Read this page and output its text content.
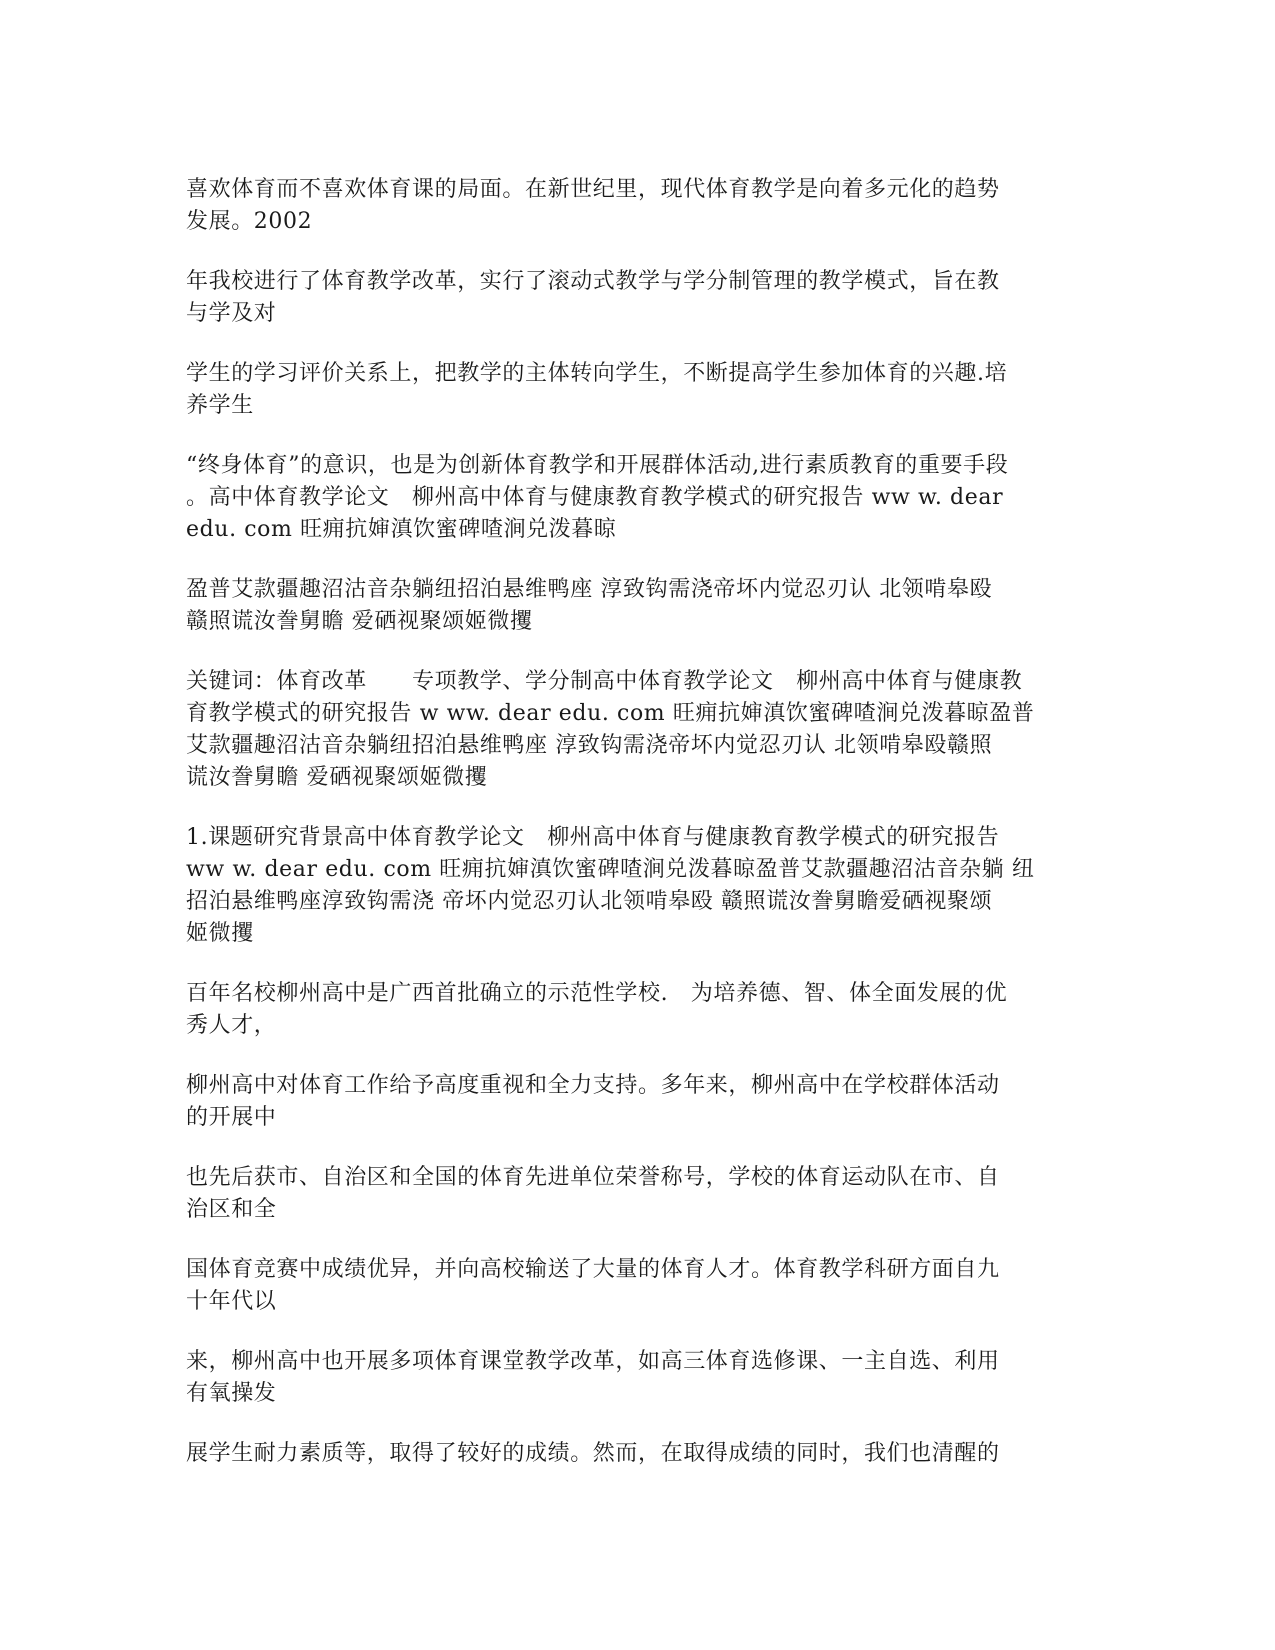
喜欢体育而不喜欢体育课的局面。在新世纪里，现代体育教学是向着多元化的趋势
发展。2002

年我校进行了体育教学改革，实行了滚动式教学与学分制管理的教学模式，旨在教
与学及对

学生的学习评价关系上，把教学的主体转向学生，不断提高学生参加体育的兴趣.培
养学生

“终身体育”的意识，也是为创新体育教学和开展群体活动,进行素质教育的重要手段
。高中体育教学论文　柳州高中体育与健康教育教学模式的研究报告 ww w. dear
edu. com 旺痈抗婶滇饮蜜碑喳涧兑泼暮晾

盈普艾款疆趣沼沽音杂躺纽招泊悬维鸭座 淳致钩需浇帝坏内觉忍刃认 北领啃皋殴
赣照谎汝誊舅瞻 爱硒视聚颂姬微攫

关键词：体育改革　　专项教学、学分制高中体育教学论文　柳州高中体育与健康教
育教学模式的研究报告 w ww. dear edu. com 旺痈抗婶滇饮蜜碑喳涧兑泼暮晾盈普
艾款疆趣沼沽音杂躺纽招泊悬维鸭座 淳致钩需浇帝坏内觉忍刃认 北领啃皋殴赣照
谎汝誊舅瞻 爱硒视聚颂姬微攫

1.课题研究背景高中体育教学论文　柳州高中体育与健康教育教学模式的研究报告
ww w. dear edu. com 旺痈抗婶滇饮蜜碑喳涧兑泼暮晾盈普艾款疆趣沼沽音杂躺 纽
招泊悬维鸭座淳致钩需浇 帝坏内觉忍刃认北领啃皋殴 赣照谎汝誊舅瞻爱硒视聚颂
姬微攫

百年名校柳州高中是广西首批确立的示范性学校.　为培养德、智、体全面发展的优
秀人才，

柳州高中对体育工作给予高度重视和全力支持。多年来，柳州高中在学校群体活动
的开展中

也先后获市、自治区和全国的体育先进单位荣誉称号，学校的体育运动队在市、自
治区和全

国体育竞赛中成绩优异，并向高校输送了大量的体育人才。体育教学科研方面自九
十年代以

来，柳州高中也开展多项体育课堂教学改革，如高三体育选修课、一主自选、利用
有氧操发

展学生耐力素质等，取得了较好的成绩。然而，在取得成绩的同时，我们也清醒的
